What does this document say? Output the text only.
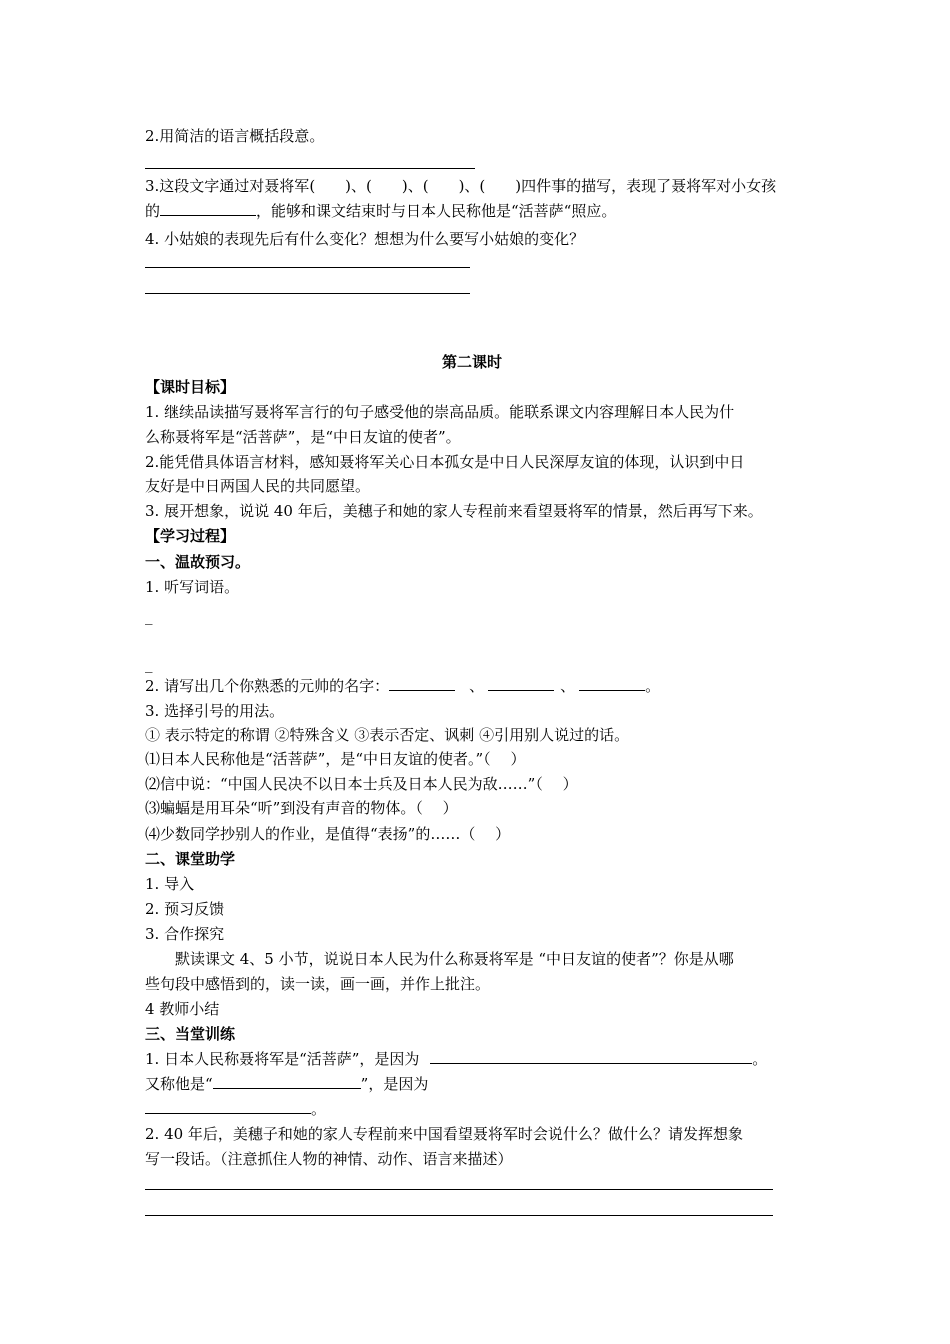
2.用简洁的语言概括段意。
3.这段文字通过对聂将军(　　)、(　　)、(　　)、(　　)四件事的描写，表现了聂将军对小女孩
的	，能够和课文结束时与日本人民称他是“活菩萨“照应。
4. 小姑娘的表现先后有什么变化？想想为什么要写小姑娘的变化？
第二课时
【课时目标】
1. 继续品读描写聂将军言行的句子感受他的崇高品质。能联系课文内容理解日本人民为什
么称聂将军是“活菩萨”，是“中日友谊的使者”。
2.能凭借具体语言材料，感知聂将军关心日本孤女是中日人民深厚友谊的体现，认识到中日
友好是中日两国人民的共同愿望。
3. 展开想象，说说 40 年后，美穗子和她的家人专程前来看望聂将军的情景，然后再写下来。
【学习过程】
一、温故预习。
1. 听写词语。
_
_
2. 请写出几个你熟悉的元帅的名字：	、	、	。
3. 选择引号的用法。
① 表示特定的称谓 ②特殊含义 ③表示否定、讽刺 ④引用别人说过的话。
⑴日本人民称他是“活菩萨”，是“中日友谊的使者。”（　 ）
⑵信中说：“中国人民决不以日本士兵及日本人民为敌……”（　 ）
⑶蝙蝠是用耳朵“听”到没有声音的物体。（　 ）
⑷少数同学抄别人的作业，是值得“表扬”的……（　 ）
二、课堂助学
1. 导入
2. 预习反馈
3. 合作探究
　　默读课文 4、5 小节，说说日本人民为什么称聂将军是 “中日友谊的使者”？你是从哪
些句段中感悟到的，读一读，画一画，并作上批注。
4 教师小结
三、当堂训练
1. 日本人民称聂将军是“活菩萨”，是因为	。
又称他是“	”，是因为
。
2. 40 年后，美穗子和她的家人专程前来中国看望聂将军时会说什么？做什么？请发挥想象
写一段话。（注意抓住人物的神情、动作、语言来描述）
